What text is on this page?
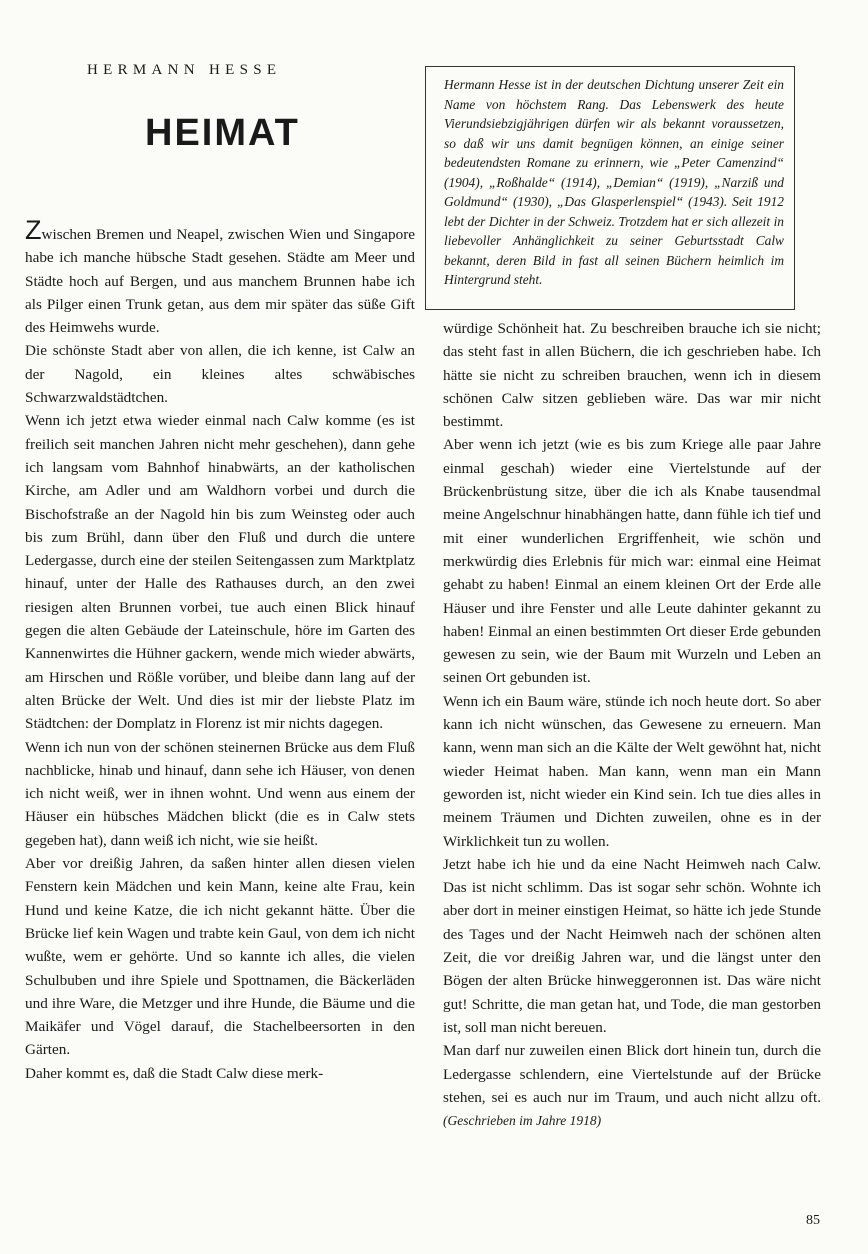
HERMANN HESSE
HEIMAT

Hermann Hesse ist in der deutschen Dichtung unserer Zeit ein Name von höchstem Rang. Das Lebenswerk des heute Vierundsiebzigjährigen dürfen wir als bekannt voraussetzen, so daß wir uns damit begnügen können, an einige seiner bedeutendsten Romane zu erinnern, wie „Peter Camenzind“ (1904), „Roßhalde“ (1914), „Demian“ (1919), „Narziß und Goldmund“ (1930), „Das Glasperlenspiel“ (1943). Seit 1912 lebt der Dichter in der Schweiz. Trotzdem hat er sich allezeit in liebevoller Anhänglichkeit zu seiner Geburtsstadt Calw bekannt, deren Bild in fast all seinen Büchern heimlich im Hintergrund steht.

Zwischen Bremen und Neapel, zwischen Wien und Singapore habe ich manche hübsche Stadt gesehen. Städte am Meer und Städte hoch auf Bergen, und aus manchem Brunnen habe ich als Pilger einen Trunk getan, aus dem mir später das süße Gift des Heimwehs wurde.

Die schönste Stadt aber von allen, die ich kenne, ist Calw an der Nagold, ein kleines altes schwäbisches Schwarzwaldstädtchen.

Wenn ich jetzt etwa wieder einmal nach Calw komme (es ist freilich seit manchen Jahren nicht mehr geschehen), dann gehe ich langsam vom Bahnhof hinabwärts, an der katholischen Kirche, am Adler und am Waldhorn vorbei und durch die Bischofstraße an der Nagold hin bis zum Weinsteg oder auch bis zum Brühl, dann über den Fluß und durch die untere Ledergasse, durch eine der steilen Seitengassen zum Marktplatz hinauf, unter der Halle des Rathauses durch, an den zwei riesigen alten Brunnen vorbei, tue auch einen Blick hinauf gegen die alten Gebäude der Lateinschule, höre im Garten des Kannenwirtes die Hühner gackern, wende mich wieder abwärts, am Hirschen und Rößle vorüber, und bleibe dann lang auf der alten Brücke der Welt. Und dies ist mir der liebste Platz im Städtchen: der Domplatz in Florenz ist mir nichts dagegen.

Wenn ich nun von der schönen steinernen Brücke aus dem Fluß nachblicke, hinab und hinauf, dann sehe ich Häuser, von denen ich nicht weiß, wer in ihnen wohnt. Und wenn aus einem der Häuser ein hübsches Mädchen blickt (die es in Calw stets gegeben hat), dann weiß ich nicht, wie sie heißt.

Aber vor dreißig Jahren, da saßen hinter allen diesen vielen Fenstern kein Mädchen und kein Mann, keine alte Frau, kein Hund und keine Katze, die ich nicht gekannt hätte. Über die Brücke lief kein Wagen und trabte kein Gaul, von dem ich nicht wußte, wem er gehörte. Und so kannte ich alles, die vielen Schulbuben und ihre Spiele und Spottnamen, die Bäckerläden und ihre Ware, die Metzger und ihre Hunde, die Bäume und die Maikäfer und Vögel darauf, die Stachelbeersorten in den Gärten.

Daher kommt es, daß die Stadt Calw diese merk-

würdige Schönheit hat. Zu beschreiben brauche ich sie nicht; das steht fast in allen Büchern, die ich geschrieben habe. Ich hätte sie nicht zu schreiben brauchen, wenn ich in diesem schönen Calw sitzen geblieben wäre. Das war mir nicht bestimmt.

Aber wenn ich jetzt (wie es bis zum Kriege alle paar Jahre einmal geschah) wieder eine Viertelstunde auf der Brückenbrüstung sitze, über die ich als Knabe tausendmal meine Angelschnur hinabhängen hatte, dann fühle ich tief und mit einer wunderlichen Ergriffenheit, wie schön und merkwürdig dies Erlebnis für mich war: einmal eine Heimat gehabt zu haben! Einmal an einem kleinen Ort der Erde alle Häuser und ihre Fenster und alle Leute dahinter gekannt zu haben! Einmal an einen bestimmten Ort dieser Erde gebunden gewesen zu sein, wie der Baum mit Wurzeln und Leben an seinen Ort gebunden ist.

Wenn ich ein Baum wäre, stünde ich noch heute dort. So aber kann ich nicht wünschen, das Gewesene zu erneuern. Man kann, wenn man sich an die Kälte der Welt gewöhnt hat, nicht wieder Heimat haben. Man kann, wenn man ein Mann geworden ist, nicht wieder ein Kind sein. Ich tue dies alles in meinem Träumen und Dichten zuweilen, ohne es in der Wirklichkeit tun zu wollen.

Jetzt habe ich hie und da eine Nacht Heimweh nach Calw. Das ist nicht schlimm. Das ist sogar sehr schön. Wohnte ich aber dort in meiner einstigen Heimat, so hätte ich jede Stunde des Tages und der Nacht Heimweh nach der schönen alten Zeit, die vor dreißig Jahren war, und die längst unter den Bögen der alten Brücke hinweggeronnen ist. Das wäre nicht gut! Schritte, die man getan hat, und Tode, die man gestorben ist, soll man nicht bereuen.

Man darf nur zuweilen einen Blick dort hinein tun, durch die Ledergasse schlendern, eine Viertelstunde auf der Brücke stehen, sei es auch nur im Traum, und auch nicht allzu oft. (Geschrieben im Jahre 1918)

85
